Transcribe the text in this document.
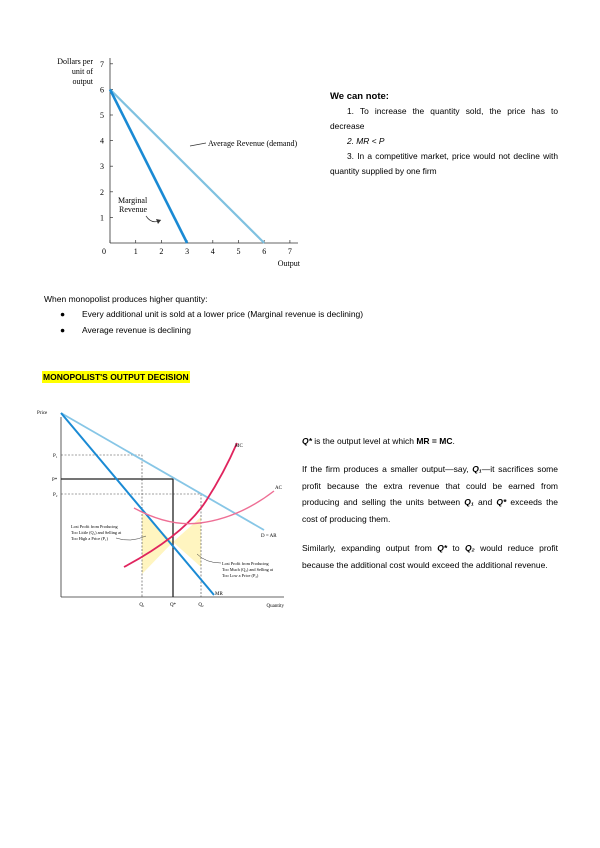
Dollars per
unit of
output
0	1	2	3	4	5	6	7
1
2
3
4
5
6
7
Average Revenue (demand)
Marginal
Revenue
Output

We can note:

1. To increase the quantity sold, the price has to decrease
2. MR < P
3. In a competitive market, price would not decline with quantity supplied by one firm

When monopolist produces higher quantity:

●	Every additional unit is sold at a lower price (Marginal revenue is declining)
●	Average revenue is declining
MONOPOLIST'S OUTPUT DECISION
Price
Quantity
MC
AC
D = AR
MR
P₁
P*
P₂
Q₁	Q*	Q₂
Lost Profit from Producing
Too Little (Q₁) and Selling at
Too High a Price (P₁)
Lost Profit from Producing
Too Much (Q₂) and Selling at
Too Low a Price (P₂)

Q* is the output level at which MR = MC.

If the firm produces a smaller output—say, Q₁—it sacrifices some profit because the extra revenue that could be earned from producing and selling the units between Q₁ and Q* exceeds the cost of producing them.

Similarly, expanding output from Q* to Q₂ would reduce profit because the additional cost would exceed the additional revenue.
